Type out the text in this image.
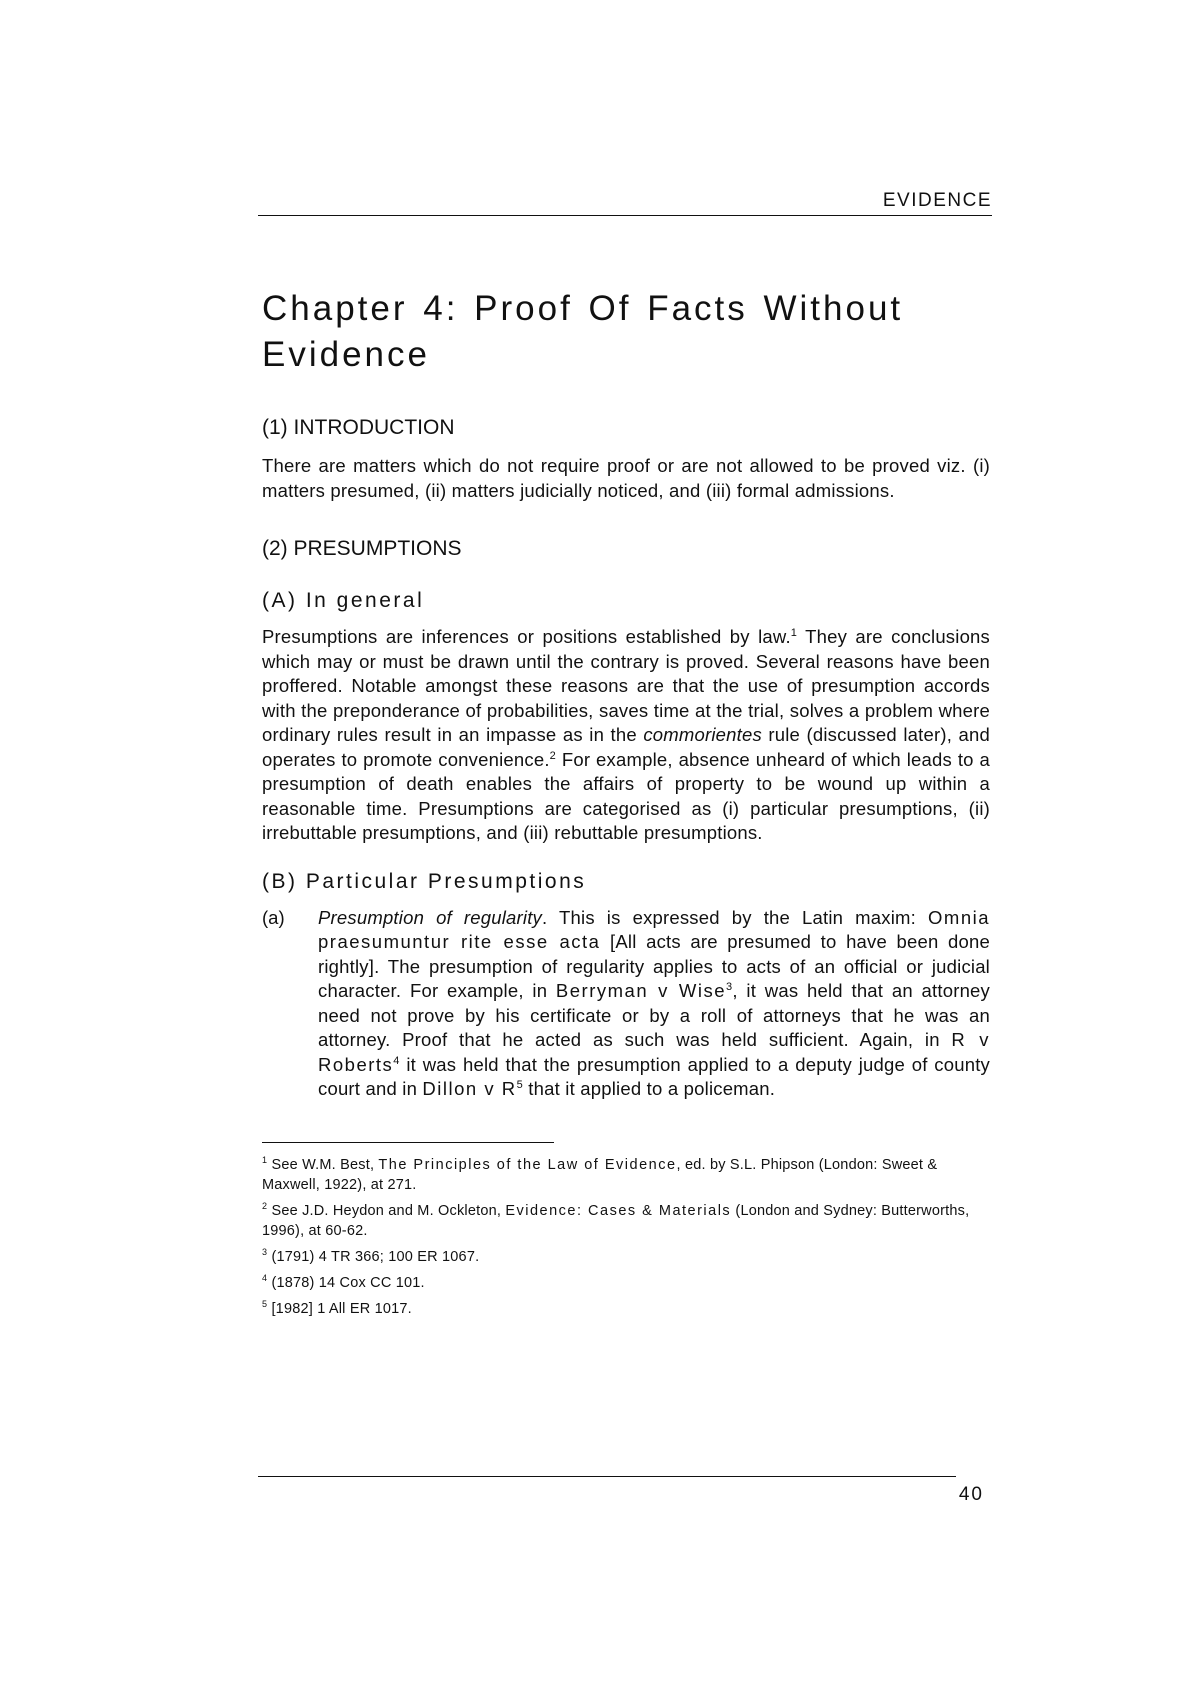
EVIDENCE
Chapter 4: Proof Of Facts Without Evidence
(1) INTRODUCTION

There are matters which do not require proof or are not allowed to be proved viz. (i) matters presumed, (ii) matters judicially noticed, and (iii) formal admissions.

(2) PRESUMPTIONS
(A) In general

Presumptions are inferences or positions established by law.$^1$ They are conclusions which may or must be drawn until the contrary is proved. Several reasons have been proffered. Notable amongst these reasons are that the use of presumption accords with the preponderance of probabilities, saves time at the trial, solves a problem where ordinary rules result in an impasse as in the commorientes rule (discussed later), and operates to promote convenience.$^2$ For example, absence unheard of which leads to a presumption of death enables the affairs of property to be wound up within a reasonable time. Presumptions are categorised as (i) particular presumptions, (ii) irrebuttable presumptions, and (iii) rebuttable presumptions.

(B) Particular Presumptions
(a)	Presumption of regularity. This is expressed by the Latin maxim: Omnia praesumuntur rite esse acta [All acts are presumed to have been done rightly]. The presumption of regularity applies to acts of an official or judicial character. For example, in Berryman v Wise$^3$, it was held that an attorney need not prove by his certificate or by a roll of attorneys that he was an attorney. Proof that he acted as such was held sufficient. Again, in R v Roberts$^4$ it was held that the presumption applied to a deputy judge of county court and in Dillon v $R^5$ that it applied to a policeman.

$^1$ See W.M. Best, The Principles of the Law of Evidence, ed. by S.L. Phipson (London: Sweet & Maxwell, 1922), at 271.

$^2$ See J.D. Heydon and M. Ockleton, Evidence: Cases & Materials (London and Sydney: Butterworths, 1996), at 60-62.

$^3$ (1791) 4 TR 366; 100 ER 1067.

$^4$ (1878) 14 Cox CC 101.

$^5$ [1982] 1 All ER 1017.

40
